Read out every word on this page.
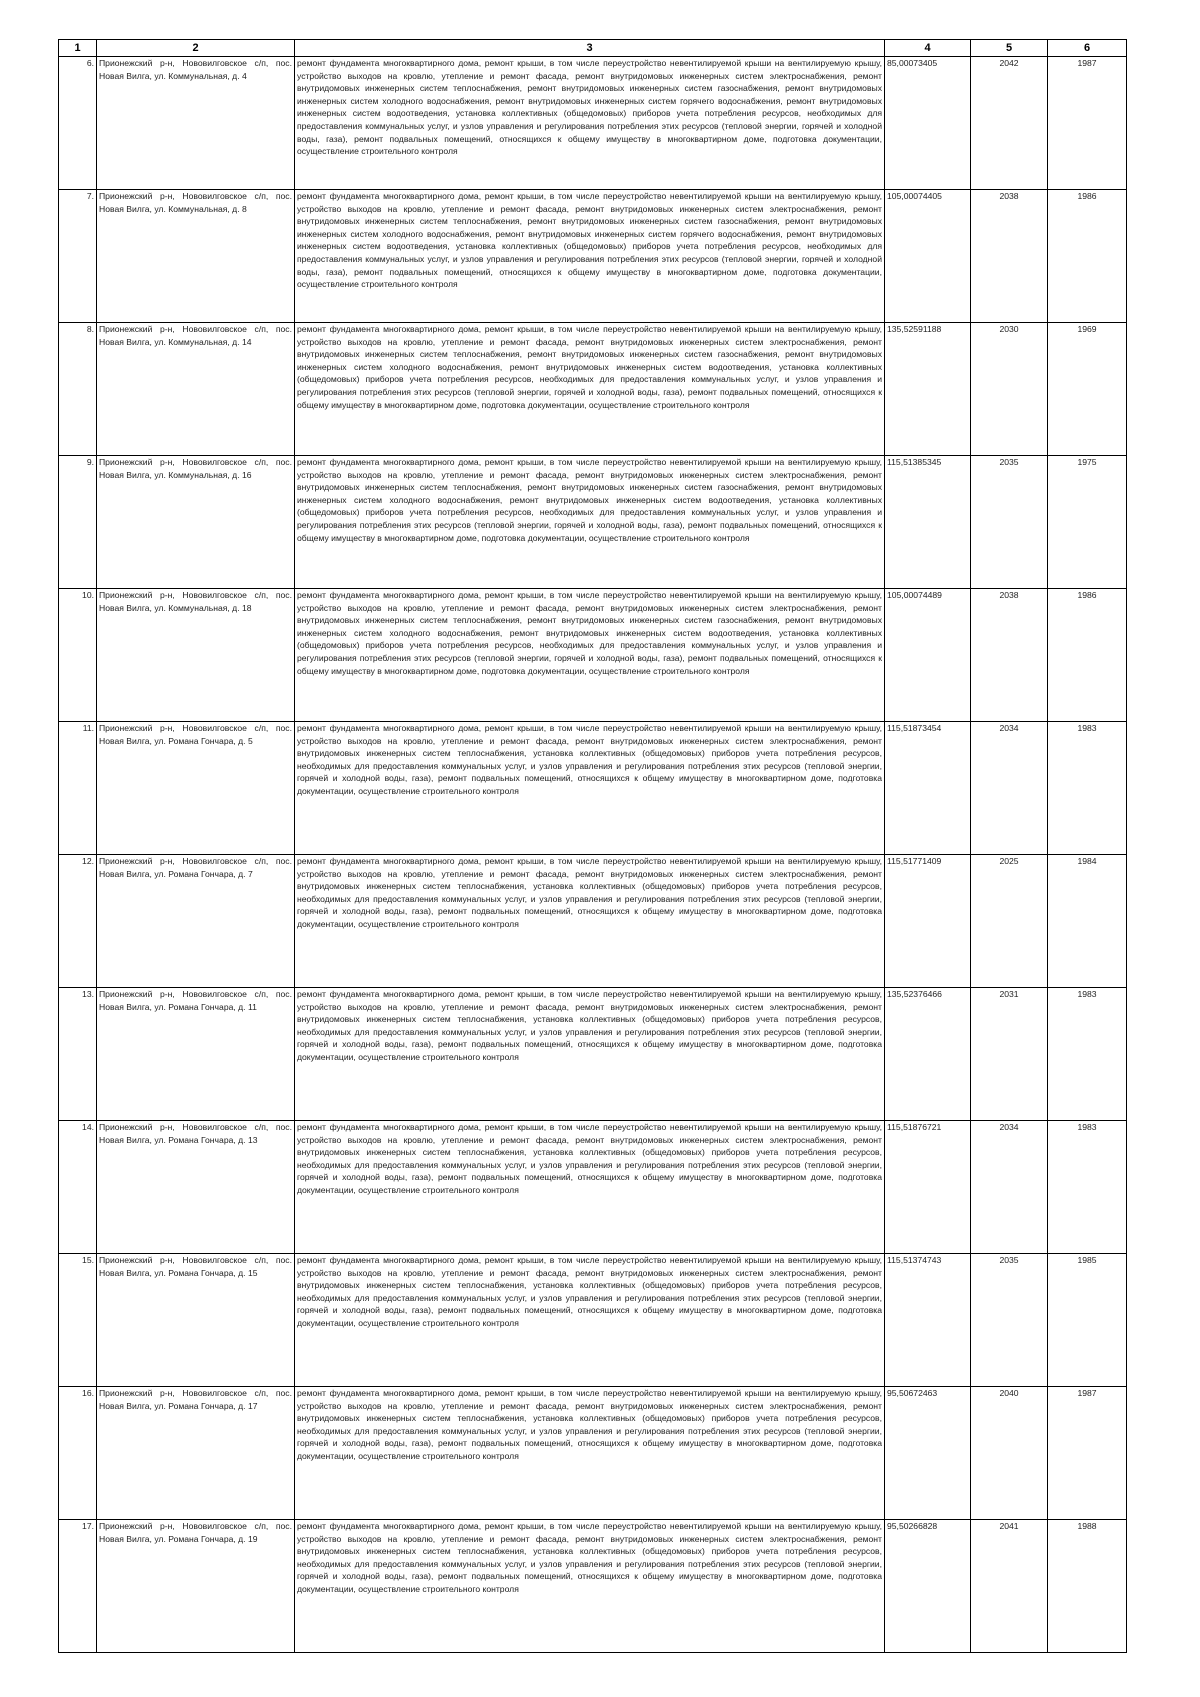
1	2	3	4	5	6
6.	Прионежский р-н, Нововилговское с/п, пос. Новая Вилга, ул. Коммунальная, д. 4	ремонт фундамента многоквартирного дома, ремонт крыши, в том числе переустройство невентилируемой крыши на вентилируемую крышу, устройство выходов на кровлю, утепление и ремонт фасада, ремонт внутридомовых инженерных систем электроснабжения, ремонт внутридомовых инженерных систем теплоснабжения, ремонт внутридомовых инженерных систем газоснабжения, ремонт внутридомовых инженерных систем холодного водоснабжения, ремонт внутридомовых инженерных систем горячего водоснабжения, ремонт внутридомовых инженерных систем водоотведения, установка коллективных (общедомовых) приборов учета потребления ресурсов, необходимых для предоставления коммунальных услуг, и узлов управления и регулирования потребления этих ресурсов (тепловой энергии, горячей и холодной воды, газа), ремонт подвальных помещений, относящихся к общему имуществу в многоквартирном доме, подготовка документации, осуществление строительного контроля	85,00073405	2042	1987
7.	Прионежский р-н, Нововилговское с/п, пос. Новая Вилга, ул. Коммунальная, д. 8	ремонт фундамента многоквартирного дома, ремонт крыши, в том числе переустройство невентилируемой крыши на вентилируемую крышу, устройство выходов на кровлю, утепление и ремонт фасада, ремонт внутридомовых инженерных систем электроснабжения, ремонт внутридомовых инженерных систем теплоснабжения, ремонт внутридомовых инженерных систем газоснабжения, ремонт внутридомовых инженерных систем холодного водоснабжения, ремонт внутридомовых инженерных систем горячего водоснабжения, ремонт внутридомовых инженерных систем водоотведения, установка коллективных (общедомовых) приборов учета потребления ресурсов, необходимых для предоставления коммунальных услуг, и узлов управления и регулирования потребления этих ресурсов (тепловой энергии, горячей и холодной воды, газа), ремонт подвальных помещений, относящихся к общему имуществу в многоквартирном доме, подготовка документации, осуществление строительного контроля	105,00074405	2038	1986
8.	Прионежский р-н, Нововилговское с/п, пос. Новая Вилга, ул. Коммунальная, д. 14	ремонт фундамента многоквартирного дома, ремонт крыши, в том числе переустройство невентилируемой крыши на вентилируемую крышу, устройство выходов на кровлю, утепление и ремонт фасада, ремонт внутридомовых инженерных систем электроснабжения, ремонт внутридомовых инженерных систем теплоснабжения, ремонт внутридомовых инженерных систем газоснабжения, ремонт внутридомовых инженерных систем холодного водоснабжения, ремонт внутридомовых инженерных систем водоотведения, установка коллективных (общедомовых) приборов учета потребления ресурсов, необходимых для предоставления коммунальных услуг, и узлов управления и регулирования потребления этих ресурсов (тепловой энергии, горячей и холодной воды, газа), ремонт подвальных помещений, относящихся к общему имуществу в многоквартирном доме, подготовка документации, осуществление строительного контроля	135,52591188	2030	1969
9.	Прионежский р-н, Нововилговское с/п, пос. Новая Вилга, ул. Коммунальная, д. 16	ремонт фундамента многоквартирного дома, ремонт крыши, в том числе переустройство невентилируемой крыши на вентилируемую крышу, устройство выходов на кровлю, утепление и ремонт фасада, ремонт внутридомовых инженерных систем электроснабжения, ремонт внутридомовых инженерных систем теплоснабжения, ремонт внутридомовых инженерных систем газоснабжения, ремонт внутридомовых инженерных систем холодного водоснабжения, ремонт внутридомовых инженерных систем водоотведения, установка коллективных (общедомовых) приборов учета потребления ресурсов, необходимых для предоставления коммунальных услуг, и узлов управления и регулирования потребления этих ресурсов (тепловой энергии, горячей и холодной воды, газа), ремонт подвальных помещений, относящихся к общему имуществу в многоквартирном доме, подготовка документации, осуществление строительного контроля	115,51385345	2035	1975
10.	Прионежский р-н, Нововилговское с/п, пос. Новая Вилга, ул. Коммунальная, д. 18	ремонт фундамента многоквартирного дома, ремонт крыши, в том числе переустройство невентилируемой крыши на вентилируемую крышу, устройство выходов на кровлю, утепление и ремонт фасада, ремонт внутридомовых инженерных систем электроснабжения, ремонт внутридомовых инженерных систем теплоснабжения, ремонт внутридомовых инженерных систем газоснабжения, ремонт внутридомовых инженерных систем холодного водоснабжения, ремонт внутридомовых инженерных систем водоотведения, установка коллективных (общедомовых) приборов учета потребления ресурсов, необходимых для предоставления коммунальных услуг, и узлов управления и регулирования потребления этих ресурсов (тепловой энергии, горячей и холодной воды, газа), ремонт подвальных помещений, относящихся к общему имуществу в многоквартирном доме, подготовка документации, осуществление строительного контроля	105,00074489	2038	1986
11.	Прионежский р-н, Нововилговское с/п, пос. Новая Вилга, ул. Романа Гончара, д. 5	ремонт фундамента многоквартирного дома, ремонт крыши, в том числе переустройство невентилируемой крыши на вентилируемую крышу, устройство выходов на кровлю, утепление и ремонт фасада, ремонт внутридомовых инженерных систем электроснабжения, ремонт внутридомовых инженерных систем теплоснабжения, установка коллективных (общедомовых) приборов учета потребления ресурсов, необходимых для предоставления коммунальных услуг, и узлов управления и регулирования потребления этих ресурсов (тепловой энергии, горячей и холодной воды, газа), ремонт подвальных помещений, относящихся к общему имуществу в многоквартирном доме, подготовка документации, осуществление строительного контроля	115,51873454	2034	1983
12.	Прионежский р-н, Нововилговское с/п, пос. Новая Вилга, ул. Романа Гончара, д. 7	ремонт фундамента многоквартирного дома, ремонт крыши, в том числе переустройство невентилируемой крыши на вентилируемую крышу, устройство выходов на кровлю, утепление и ремонт фасада, ремонт внутридомовых инженерных систем электроснабжения, ремонт внутридомовых инженерных систем теплоснабжения, установка коллективных (общедомовых) приборов учета потребления ресурсов, необходимых для предоставления коммунальных услуг, и узлов управления и регулирования потребления этих ресурсов (тепловой энергии, горячей и холодной воды, газа), ремонт подвальных помещений, относящихся к общему имуществу в многоквартирном доме, подготовка документации, осуществление строительного контроля	115,51771409	2025	1984
13.	Прионежский р-н, Нововилговское с/п, пос. Новая Вилга, ул. Романа Гончара, д. 11	ремонт фундамента многоквартирного дома, ремонт крыши, в том числе переустройство невентилируемой крыши на вентилируемую крышу, устройство выходов на кровлю, утепление и ремонт фасада, ремонт внутридомовых инженерных систем электроснабжения, ремонт внутридомовых инженерных систем теплоснабжения, установка коллективных (общедомовых) приборов учета потребления ресурсов, необходимых для предоставления коммунальных услуг, и узлов управления и регулирования потребления этих ресурсов (тепловой энергии, горячей и холодной воды, газа), ремонт подвальных помещений, относящихся к общему имуществу в многоквартирном доме, подготовка документации, осуществление строительного контроля	135,52376466	2031	1983
14.	Прионежский р-н, Нововилговское с/п, пос. Новая Вилга, ул. Романа Гончара, д. 13	ремонт фундамента многоквартирного дома, ремонт крыши, в том числе переустройство невентилируемой крыши на вентилируемую крышу, устройство выходов на кровлю, утепление и ремонт фасада, ремонт внутридомовых инженерных систем электроснабжения, ремонт внутридомовых инженерных систем теплоснабжения, установка коллективных (общедомовых) приборов учета потребления ресурсов, необходимых для предоставления коммунальных услуг, и узлов управления и регулирования потребления этих ресурсов (тепловой энергии, горячей и холодной воды, газа), ремонт подвальных помещений, относящихся к общему имуществу в многоквартирном доме, подготовка документации, осуществление строительного контроля	115,51876721	2034	1983
15.	Прионежский р-н, Нововилговское с/п, пос. Новая Вилга, ул. Романа Гончара, д. 15	ремонт фундамента многоквартирного дома, ремонт крыши, в том числе переустройство невентилируемой крыши на вентилируемую крышу, устройство выходов на кровлю, утепление и ремонт фасада, ремонт внутридомовых инженерных систем электроснабжения, ремонт внутридомовых инженерных систем теплоснабжения, установка коллективных (общедомовых) приборов учета потребления ресурсов, необходимых для предоставления коммунальных услуг, и узлов управления и регулирования потребления этих ресурсов (тепловой энергии, горячей и холодной воды, газа), ремонт подвальных помещений, относящихся к общему имуществу в многоквартирном доме, подготовка документации, осуществление строительного контроля	115,51374743	2035	1985
16.	Прионежский р-н, Нововилговское с/п, пос. Новая Вилга, ул. Романа Гончара, д. 17	ремонт фундамента многоквартирного дома, ремонт крыши, в том числе переустройство невентилируемой крыши на вентилируемую крышу, устройство выходов на кровлю, утепление и ремонт фасада, ремонт внутридомовых инженерных систем электроснабжения, ремонт внутридомовых инженерных систем теплоснабжения, установка коллективных (общедомовых) приборов учета потребления ресурсов, необходимых для предоставления коммунальных услуг, и узлов управления и регулирования потребления этих ресурсов (тепловой энергии, горячей и холодной воды, газа), ремонт подвальных помещений, относящихся к общему имуществу в многоквартирном доме, подготовка документации, осуществление строительного контроля	95,50672463	2040	1987
17.	Прионежский р-н, Нововилговское с/п, пос. Новая Вилга, ул. Романа Гончара, д. 19	ремонт фундамента многоквартирного дома, ремонт крыши, в том числе переустройство невентилируемой крыши на вентилируемую крышу, устройство выходов на кровлю, утепление и ремонт фасада, ремонт внутридомовых инженерных систем электроснабжения, ремонт внутридомовых инженерных систем теплоснабжения, установка коллективных (общедомовых) приборов учета потребления ресурсов, необходимых для предоставления коммунальных услуг, и узлов управления и регулирования потребления этих ресурсов (тепловой энергии, горячей и холодной воды, газа), ремонт подвальных помещений, относящихся к общему имуществу в многоквартирном доме, подготовка документации, осуществление строительного контроля	95,50266828	2041	1988
